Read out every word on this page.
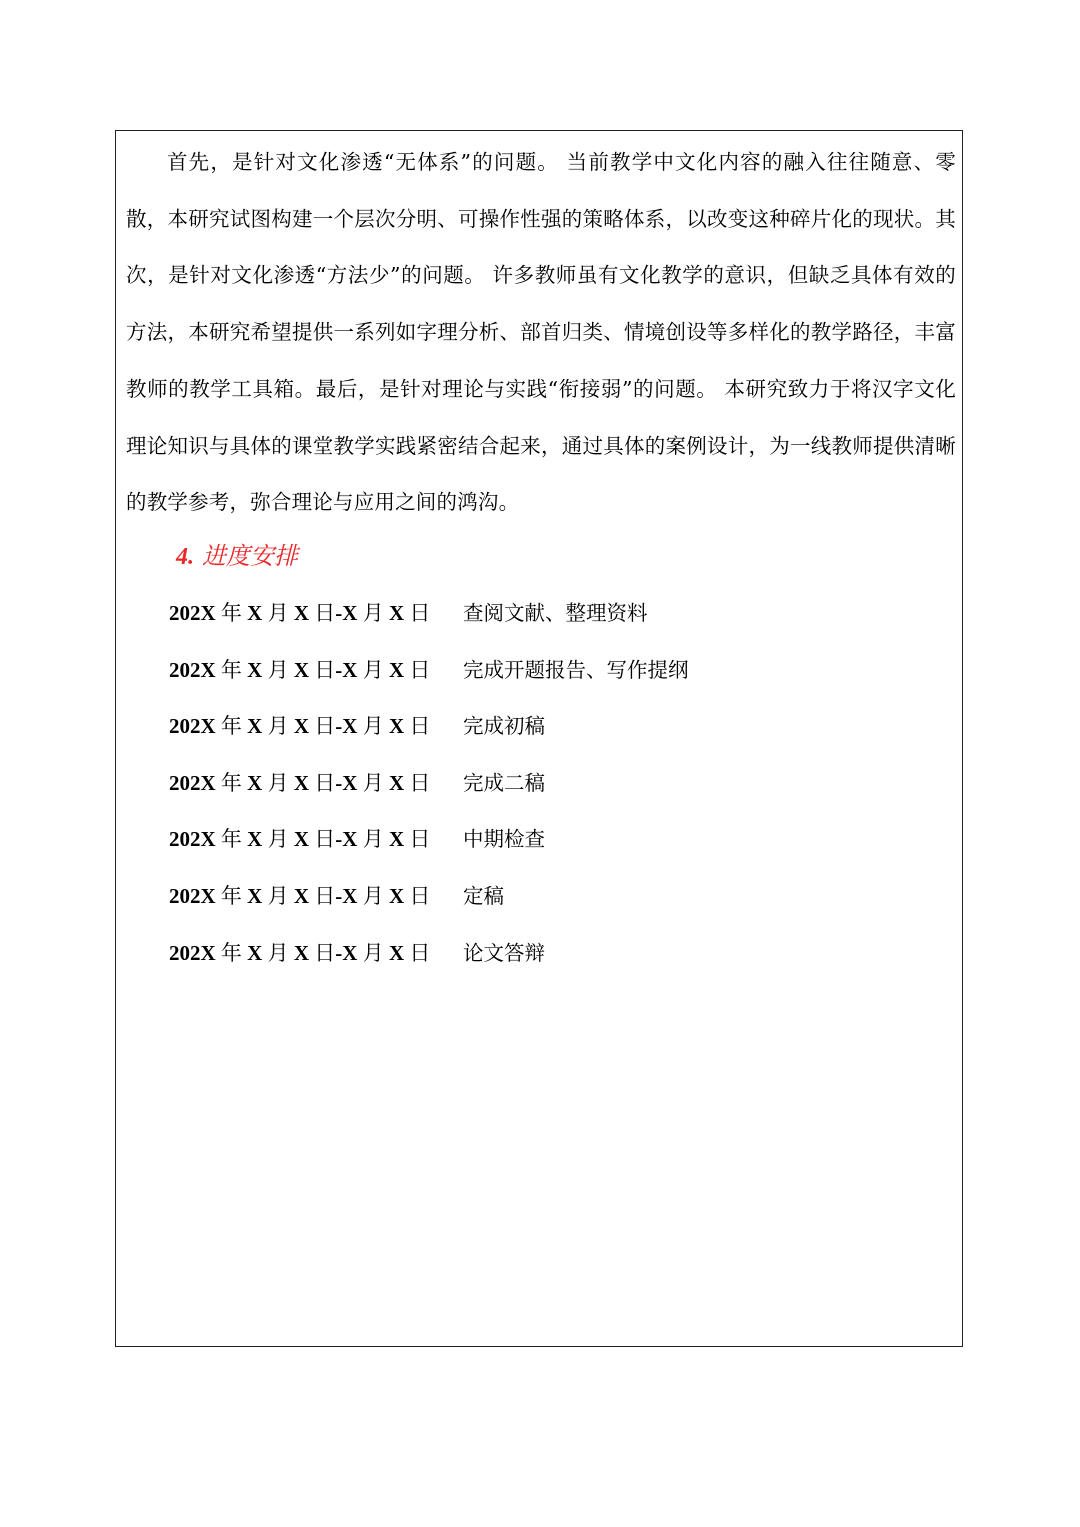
首先，是针对文化渗透“无体系”的问题。 当前教学中文化内容的融入往往随意、零散，本研究试图构建一个层次分明、可操作性强的策略体系，以改变这种碎片化的现状。其次，是针对文化渗透“方法少”的问题。 许多教师虽有文化教学的意识，但缺乏具体有效的方法，本研究希望提供一系列如字理分析、部首归类、情境创设等多样化的教学路径，丰富教师的教学工具箱。最后，是针对理论与实践“衔接弱”的问题。 本研究致力于将汉字文化理论知识与具体的课堂教学实践紧密结合起来，通过具体的案例设计，为一线教师提供清晰的教学参考，弥合理论与应用之间的鸿沟。

4. 进度安排
202X 年 X 月 X 日-X 月 X 日 查阅文献、整理资料
202X 年 X 月 X 日-X 月 X 日 完成开题报告、写作提纲
202X 年 X 月 X 日-X 月 X 日 完成初稿
202X 年 X 月 X 日-X 月 X 日 完成二稿
202X 年 X 月 X 日-X 月 X 日 中期检查
202X 年 X 月 X 日-X 月 X 日 定稿
202X 年 X 月 X 日-X 月 X 日 论文答辩
